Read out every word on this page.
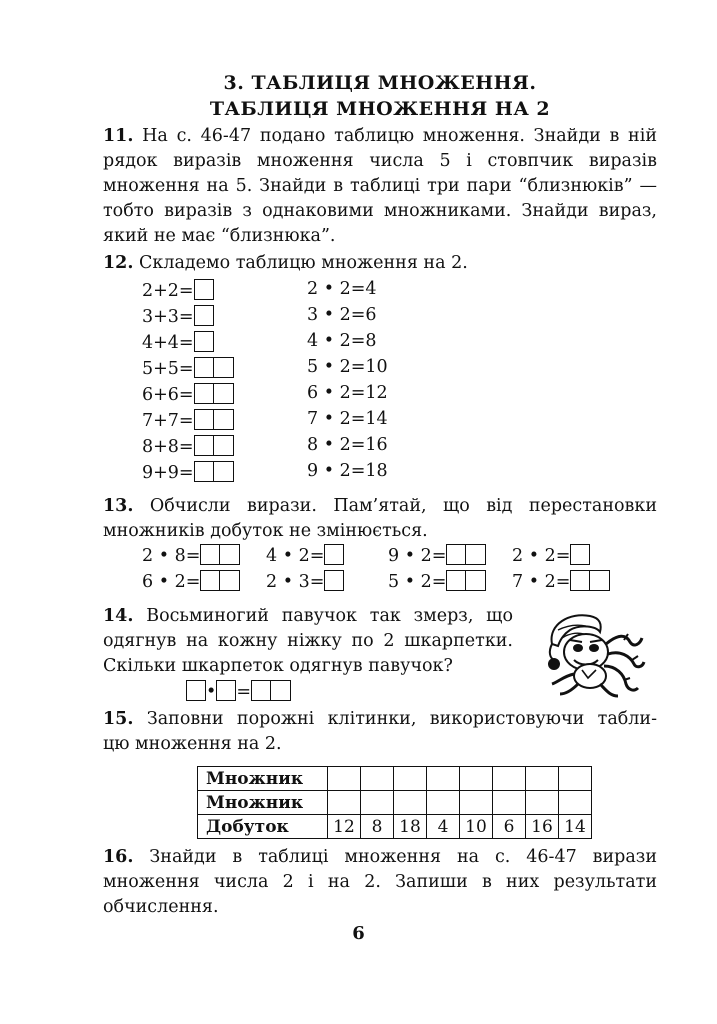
3. ТАБЛИЦЯ МНОЖЕННЯ.
ТАБЛИЦЯ МНОЖЕННЯ НА 2
11. На с. 46-47 подано таблицю множення. Знайди в ній
рядок виразів множення числа 5 і стовпчик виразів
множення на 5. Знайди в таблиці три пари “близнюків” —
тобто виразів з однаковими множниками. Знайди вираз,
який не має “близнюка”.
12. Складемо таблицю множення на 2.
2+2=
3+3=
4+4=
5+5=
6+6=
7+7=
8+8=
9+9=
2 • 2=4
3 • 2=6
4 • 2=8
5 • 2=10
6 • 2=12
7 • 2=14
8 • 2=16
9 • 2=18
13. Обчисли вирази. Пам’ятай, що від перестановки
множників добуток не змінюється.
2 • 8=	4 • 2=	9 • 2=	2 • 2=
6 • 2=	2 • 3=	5 • 2=	7 • 2=
14. Восьминогий павучок так змерз, що
одягнув на кожну ніжку по 2 шкарпетки.
Скільки шкарпеток одягнув павучок?
• =
15. Заповни порожні клітинки, використовуючи табли-
цю множення на 2.
Множник								
Множник								
Добуток	12	8	18	4	10	6	16	14
16. Знайди в таблиці множення на с. 46-47 вирази
множення числа 2 і на 2. Запиши в них результати
обчислення.
6
